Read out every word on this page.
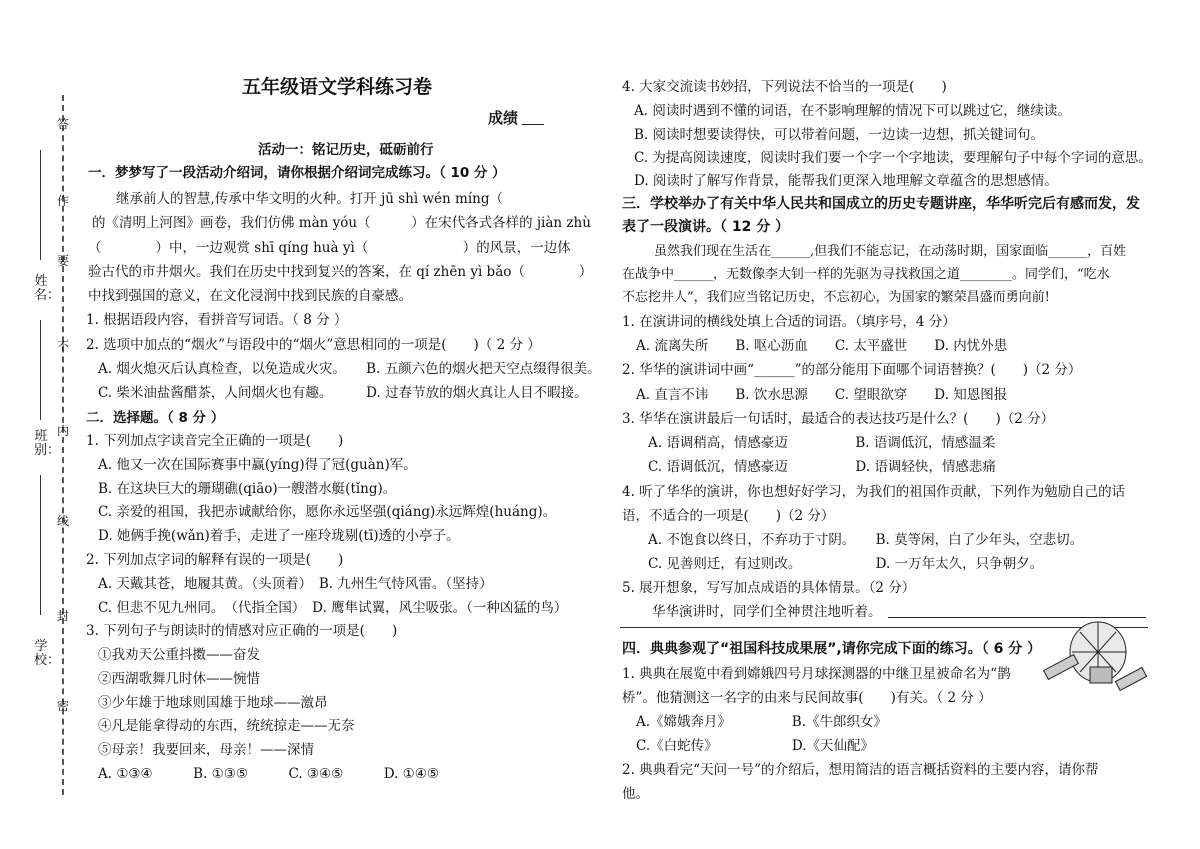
答
作
要
不
内
线
封
密
姓名：
班别：
学校：
五年级语文学科练习卷
成绩
活动一：铭记历史，砥砺前行
一．梦梦写了一段活动介绍词，请你根据介绍词完成练习。（ 10 分 ）
继承前人的智慧,传承中华文明的火种。打开 jū shì wén míng（
的《清明上河图》画卷，我们仿佛 màn yóu（　　　）在宋代各式各样的 jiàn zhù
（　　　　）中，一边观赏 shī qíng huà yì（　　　　　　　）的风景，一边体
验古代的市井烟火。我们在历史中找到复兴的答案，在 qí zhēn yì bǎo（　　　　）
中找到强国的意义，在文化浸润中找到民族的自豪感。
1. 根据语段内容，看拼音写词语。（ 8 分 ）
2. 选项中加点的“烟火”与语段中的“烟火”意思相同的一项是(　　)（ 2 分 ）
A. 烟火熄灭后认真检查，以免造成火灾。　　B. 五颜六色的烟火把天空点缀得很美。
C. 柴米油盐酱醋茶，人间烟火也有趣。　　　D. 过春节放的烟火真让人目不暇接。
二．选择题。（ 8 分 ）
1. 下列加点字读音完全正确的一项是(　　)
A. 他又一次在国际赛事中赢(yíng)得了冠(guàn)军。
B. 在这块巨大的珊瑚礁(qiāo)一艘潜水艇(tǐng)。
C. 亲爱的祖国，我把赤诚献给你，愿你永远坚强(qiáng)永远辉煌(huáng)。
D. 她俩手挽(wǎn)着手，走进了一座玲珑剔(tī)透的小亭子。
2. 下列加点字词的解释有误的一项是(　　)
A. 天戴其苍，地履其黄。（头顶着）　B. 九州生气恃风雷。（坚持）
C. 但悲不见九州同。　（代指全国）　D. 鹰隼试翼，风尘吸张。（一种凶猛的鸟）
3. 下列句子与朗读时的情感对应正确的一项是(　　)
①我劝天公重抖擞——奋发
②西湖歌舞几时休——惋惜
③少年雄于地球则国雄于地球——激昂
④凡是能拿得动的东西，统统掠走——无奈
⑤母亲！我要回来，母亲！——深情
A. ①③④　　　B. ①③⑤　　　C. ③④⑤　　　D. ①④⑤
4. 大家交流读书妙招，下列说法不恰当的一项是(　　)
A. 阅读时遇到不懂的词语，在不影响理解的情况下可以跳过它，继续读。
B. 阅读时想要读得快，可以带着问题，一边读一边想，抓关键词句。
C. 为提高阅读速度，阅读时我们要一个字一个字地读，要理解句子中每个字词的意思。
D. 阅读时了解写作背景，能帮我们更深入地理解文章蕴含的思想感情。
三．学校举办了有关中华人民共和国成立的历史专题讲座，华华听完后有感而发，发
表了一段演讲。（ 12 分 ）
虽然我们现在生活在______,但我们不能忘记，在动荡时期，国家面临______，百姓
在战争中______，无数像李大钊一样的先驱为寻找救国之道________。同学们，“吃水
不忘挖井人”，我们应当铭记历史，不忘初心，为国家的繁荣昌盛而勇向前!
1. 在演讲词的横线处填上合适的词语。（填序号，4 分）
A. 流离失所　　B. 呕心沥血　　C. 太平盛世　　D. 内忧外患
2. 华华的演讲词中画“______”的部分能用下面哪个词语替换？(　　)（2 分）
A. 直言不讳　　B. 饮水思源　　C. 望眼欲穿　　D. 知恩图报
3. 华华在演讲最后一句话时，最适合的表达技巧是什么？(　　)（2 分）
A. 语调稍高，情感豪迈　　　　　B. 语调低沉，情感温柔
C. 语调低沉，情感豪迈　　　　　D. 语调轻快，情感悲痛
4. 听了华华的演讲，你也想好好学习，为我们的祖国作贡献，下列作为勉励自己的话
语，不适合的一项是(　　)（2 分）
A. 不饱食以终日，不弃功于寸阴。　　B. 莫等闲，白了少年头，空悲切。
C. 见善则迁，有过则改。　　　　　　D. 一万年太久，只争朝夕。
5. 展开想象，写写加点成语的具体情景。（2 分）
华华演讲时，同学们全神贯注地听着。
四．典典参观了“祖国科技成果展”,请你完成下面的练习。（ 6 分 ）
1. 典典在展览中看到嫦娥四号月球探测器的中继卫星被命名为“鹊
桥”。他猜测这一名字的由来与民间故事(　　)有关。（ 2 分 ）
A.《嫦娥奔月》　　　　　B.《牛郎织女》
C.《白蛇传》　　　　　　D.《天仙配》
2. 典典看完“天问一号”的介绍后，想用简洁的语言概括资料的主要内容，请你帮
他。
